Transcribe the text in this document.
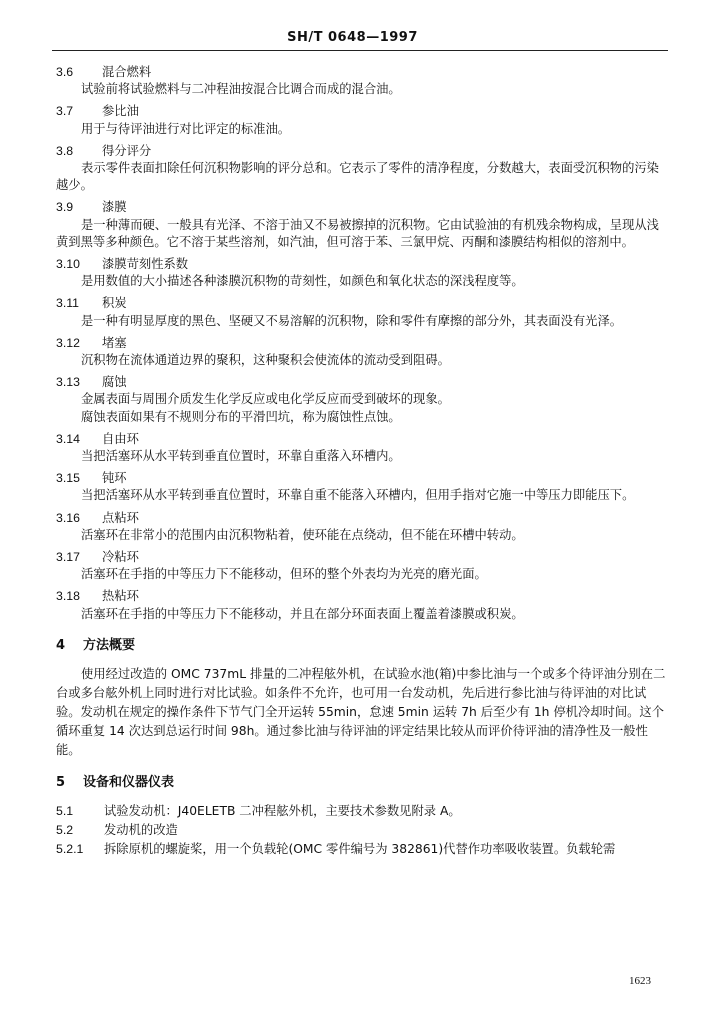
SH/T 0648—1997
3.6	混合燃料

试验前将试验燃料与二冲程油按混合比调合而成的混合油。

3.7	参比油

用于与待评油进行对比评定的标准油。

3.8	得分评分

表示零件表面扣除任何沉积物影响的评分总和。它表示了零件的清净程度，分数越大，表面受沉积物的污染越少。

3.9	漆膜

是一种薄而硬、一般具有光泽、不溶于油又不易被擦掉的沉积物。它由试验油的有机残余物构成，呈现从浅黄到黑等多种颜色。它不溶于某些溶剂，如汽油，但可溶于苯、三氯甲烷、丙酮和漆膜结构相似的溶剂中。

3.10	漆膜苛刻性系数

是用数值的大小描述各种漆膜沉积物的苛刻性，如颜色和氧化状态的深浅程度等。

3.11	积炭

是一种有明显厚度的黑色、坚硬又不易溶解的沉积物，除和零件有摩擦的部分外，其表面没有光泽。

3.12	堵塞

沉积物在流体通道边界的聚积，这种聚积会使流体的流动受到阻碍。

3.13	腐蚀

金属表面与周围介质发生化学反应或电化学反应而受到破坏的现象。

腐蚀表面如果有不规则分布的平滑凹坑，称为腐蚀性点蚀。

3.14	自由环

当把活塞环从水平转到垂直位置时，环靠自重落入环槽内。

3.15	钝环

当把活塞环从水平转到垂直位置时，环靠自重不能落入环槽内，但用手指对它施一中等压力即能压下。

3.16	点粘环

活塞环在非常小的范围内由沉积物粘着，使环能在点绕动，但不能在环槽中转动。

3.17	冷粘环

活塞环在手指的中等压力下不能移动，但环的整个外表均为光亮的磨光面。

3.18	热粘环

活塞环在手指的中等压力下不能移动，并且在部分环面表面上覆盖着漆膜或积炭。

4 方法概要

使用经过改造的 OMC 737mL 排量的二冲程舷外机，在试验水池(箱)中参比油与一个或多个待评油分别在二台或多台舷外机上同时进行对比试验。如条件不允许，也可用一台发动机，先后进行参比油与待评油的对比试验。发动机在规定的操作条件下节气门全开运转 55min，怠速 5min 运转 7h 后至少有 1h 停机冷却时间。这个循环重复 14 次达到总运行时间 98h。通过参比油与待评油的评定结果比较从而评价待评油的清净性及一般性能。

5 设备和仪器仪表
5.1	试验发动机：J40ELETB 二冲程舷外机，主要技术参数见附录 A。
5.2	发动机的改造
5.2.1	拆除原机的螺旋桨，用一个负载轮(OMC 零件编号为 382861)代替作功率吸收装置。负载轮需
1623
